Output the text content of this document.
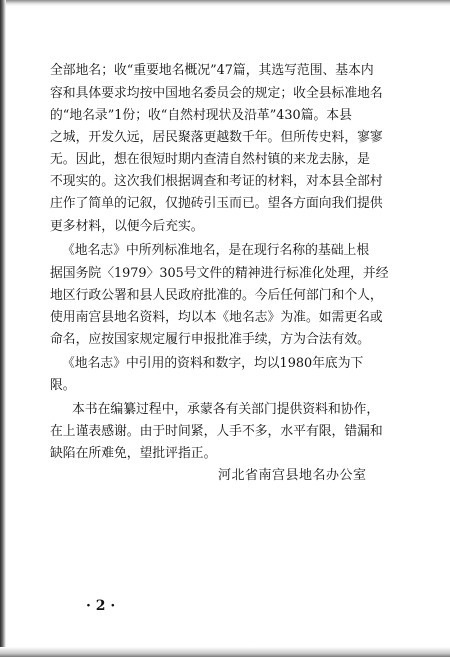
全部地名；收“重要地名概况”47篇，其选写范围、基本内
容和具体要求均按中国地名委员会的规定；收全县标准地名
的“地名录”1份；收“自然村现状及沿革”430篇。本县
之城，开发久远，居民聚落更越数千年。但所传史料，寥寥
无。因此，想在很短时期内查清自然村镇的来龙去脉，是
不现实的。这次我们根据调查和考证的材料，对本县全部村
庄作了简单的记叙，仅抛砖引玉而已。望各方面向我们提供
更多材料，以便今后充实。
《地名志》中所列标准地名，是在现行名称的基础上根
据国务院〈1979〉305号文件的精神进行标准化处理，并经
地区行政公署和县人民政府批准的。今后任何部门和个人，
使用南宫县地名资料，均以本《地名志》为准。如需更名或
命名，应按国家规定履行申报批准手续，方为合法有效。
《地名志》中引用的资料和数字，均以1980年底为下
限。
本书在编纂过程中，承蒙各有关部门提供资料和协作，
在上谨表感谢。由于时间紧，人手不多，水平有限，错漏和
缺陷在所难免，望批评指正。
河北省南宫县地名办公室
· 2 ·
